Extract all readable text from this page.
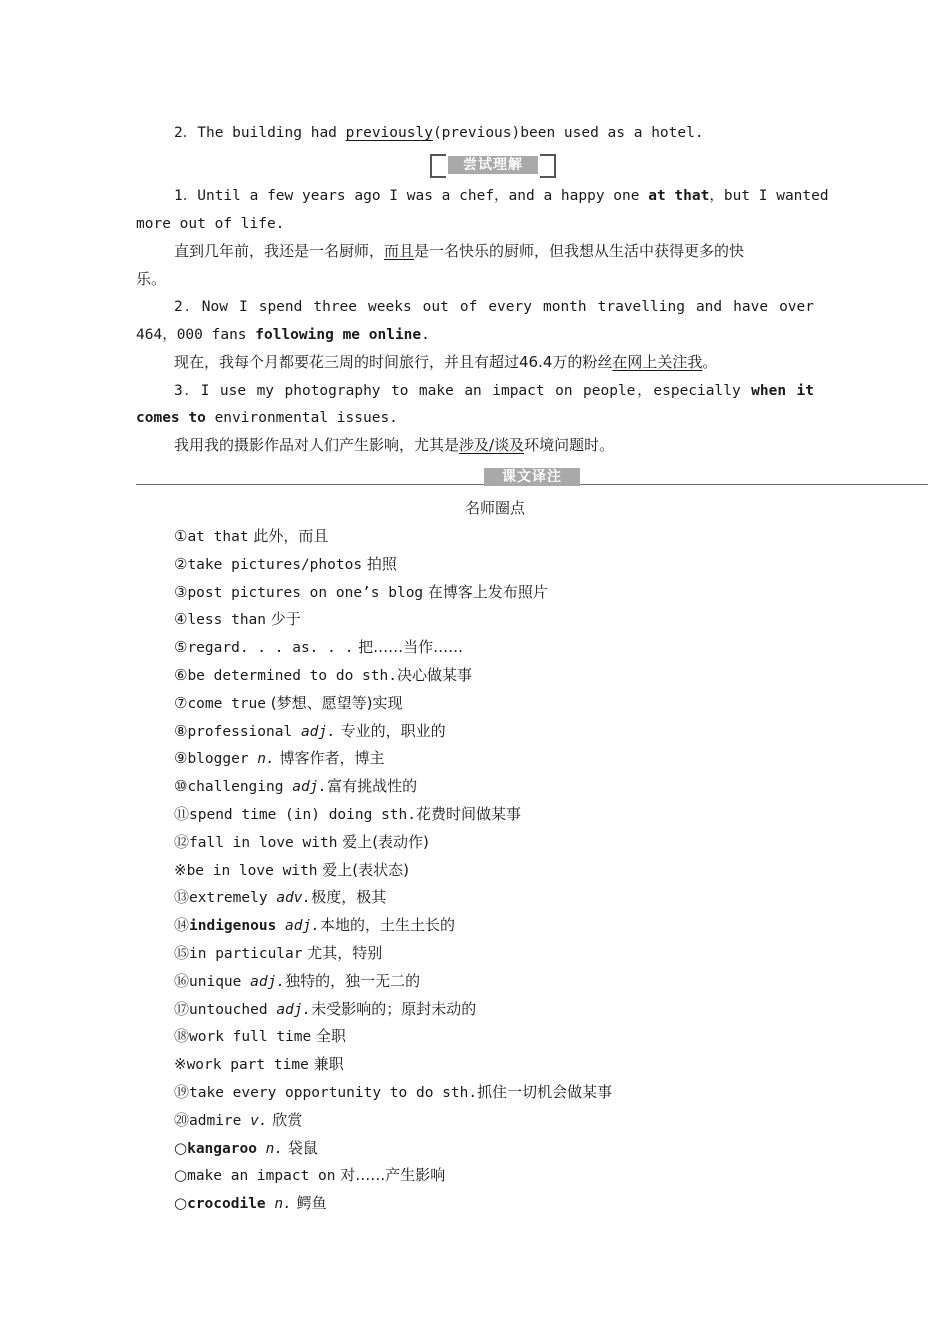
2．The building had previously(previous)been used as a hotel.
尝试理解
1．Until a few years ago I was a chef，and a happy one at that，but I wanted
more out of life.
直到几年前，我还是一名厨师，而且是一名快乐的厨师，但我想从生活中获得更多的快
乐。
2．Now I spend three weeks out of every month travelling and have over
464，000 fans following me online.
现在，我每个月都要花三周的时间旅行，并且有超过46.4万的粉丝在网上关注我。
3．I use my photography to make an impact on people，especially when it
comes to environmental issues.
我用我的摄影作品对人们产生影响，尤其是涉及/谈及环境问题时。
课文译注
名师圈点
①at that 此外，而且
②take pictures/photos 拍照
③post pictures on one’s blog 在博客上发布照片
④less than 少于
⑤regard. . . as. . . 把……当作……
⑥be determined to do sth.决心做某事
⑦come true (梦想、愿望等)实现
⑧professional adj. 专业的，职业的
⑨blogger n. 博客作者，博主
⑩challenging adj.富有挑战性的
⑪spend time (in) doing sth.花费时间做某事
⑫fall in love with 爱上(表动作)
※be in love with 爱上(表状态)
⑬extremely adv.极度，极其
⑭indigenous adj.本地的，土生土长的
⑮in particular 尤其，特别
⑯unique adj.独特的，独一无二的
⑰untouched adj.未受影响的；原封未动的
⑱work full time 全职
※work part time 兼职
⑲take every opportunity to do sth.抓住一切机会做某事
⑳admire v. 欣赏
○kangaroo n. 袋鼠
○make an impact on 对……产生影响
○crocodile n. 鳄鱼
